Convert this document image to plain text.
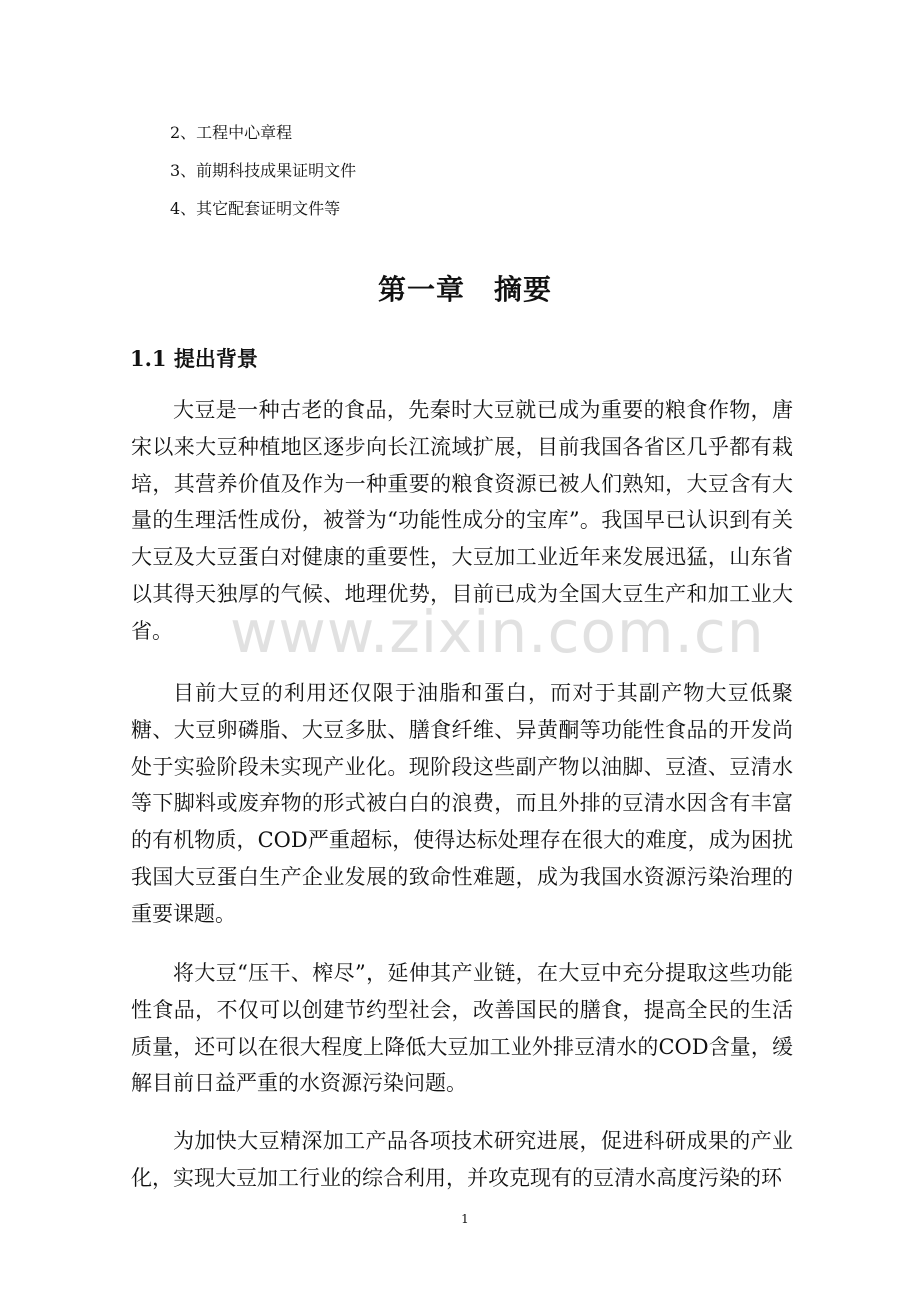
2、工程中心章程
3、前期科技成果证明文件
4、其它配套证明文件等
第一章　摘要
1.1 提出背景

大豆是一种古老的食品，先秦时大豆就已成为重要的粮食作物，唐宋以来大豆种植地区逐步向长江流域扩展，目前我国各省区几乎都有栽培，其营养价值及作为一种重要的粮食资源已被人们熟知，大豆含有大量的生理活性成份，被誉为“功能性成分的宝库”。我国早已认识到有关大豆及大豆蛋白对健康的重要性，大豆加工业近年来发展迅猛，山东省以其得天独厚的气候、地理优势，目前已成为全国大豆生产和加工业大省。

目前大豆的利用还仅限于油脂和蛋白，而对于其副产物大豆低聚糖、大豆卵磷脂、大豆多肽、膳食纤维、异黄酮等功能性食品的开发尚处于实验阶段未实现产业化。现阶段这些副产物以油脚、豆渣、豆清水等下脚料或废弃物的形式被白白的浪费，而且外排的豆清水因含有丰富的有机物质，COD严重超标，使得达标处理存在很大的难度，成为困扰我国大豆蛋白生产企业发展的致命性难题，成为我国水资源污染治理的重要课题。

将大豆“压干、榨尽”，延伸其产业链，在大豆中充分提取这些功能性食品，不仅可以创建节约型社会，改善国民的膳食，提高全民的生活质量，还可以在很大程度上降低大豆加工业外排豆清水的COD含量，缓解目前日益严重的水资源污染问题。

为加快大豆精深加工产品各项技术研究进展，促进科研成果的产业化，实现大豆加工行业的综合利用，并攻克现有的豆清水高度污染的环

www.zixin.com.cn
1
